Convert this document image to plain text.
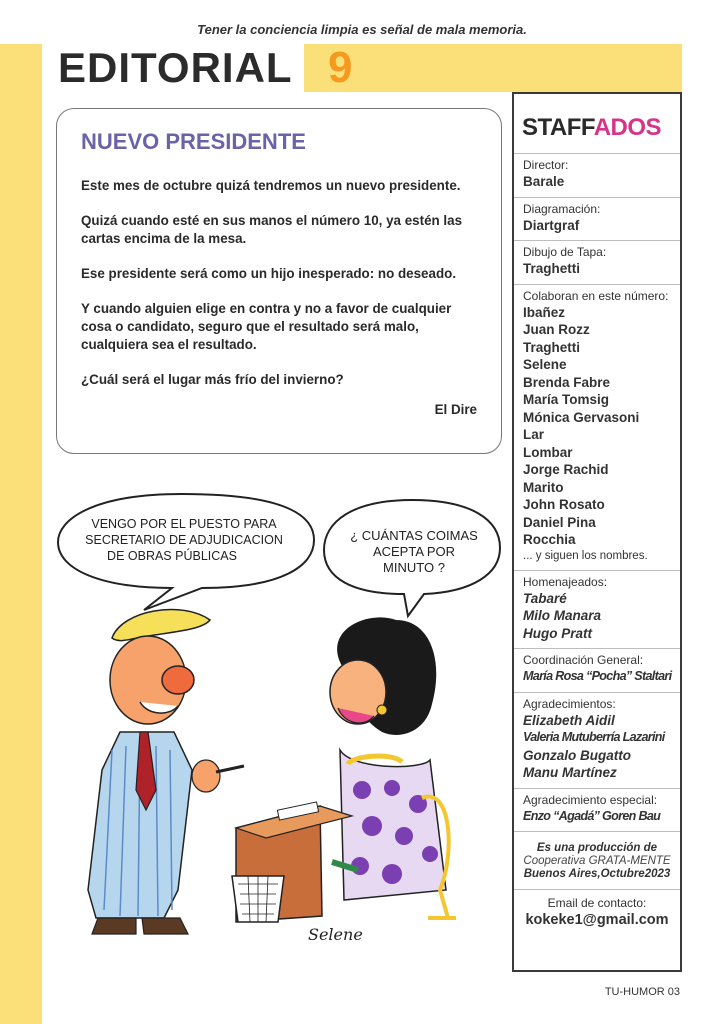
Tener la conciencia limpia es señal de mala memoria.
EDITORIAL 9
NUEVO PRESIDENTE

Este mes de octubre quizá tendremos un nuevo presidente.

Quizá cuando esté en sus manos el número 10, ya estén las cartas encima de la mesa.

Ese presidente será como un hijo inesperado: no deseado.

Y cuando alguien elige en contra y no a favor de cualquier cosa o candidato, seguro que el resultado será malo, cualquiera sea el resultado.

¿Cuál será el lugar más frío del invierno?

El Dire
VENGO POR EL PUESTO PARA
SECRETARIO DE ADJUDICACION
DE OBRAS PÚBLICAS
¿ CUÁNTAS COIMAS
ACEPTA POR
MINUTO ?
Selene
STAFFADOS
Director:
Barale
Diagramación:
Diartgraf
Dibujo de Tapa:
Traghetti
Colaboran en este número:
Ibañez
Juan Rozz
Traghetti
Selene
Brenda Fabre
María Tomsig
Mónica Gervasoni
Lar
Lombar
Jorge Rachid
Marito
John Rosato
Daniel Pina
Rocchia
... y siguen los nombres.
Homenajeados:
Tabaré
Milo Manara
Hugo Pratt
Coordinación General:
María Rosa “Pocha” Staltari
Agradecimientos:
Elizabeth Aidil
Valeria Mutuberría Lazarini
Gonzalo Bugatto
Manu Martínez
Agradecimiento especial:
Enzo “Agadá” Goren Bau
Es una producción de
Cooperativa GRATA-MENTE
Buenos Aires,Octubre2023
Email de contacto:
kokeke1@gmail.com
TU-HUMOR 03
